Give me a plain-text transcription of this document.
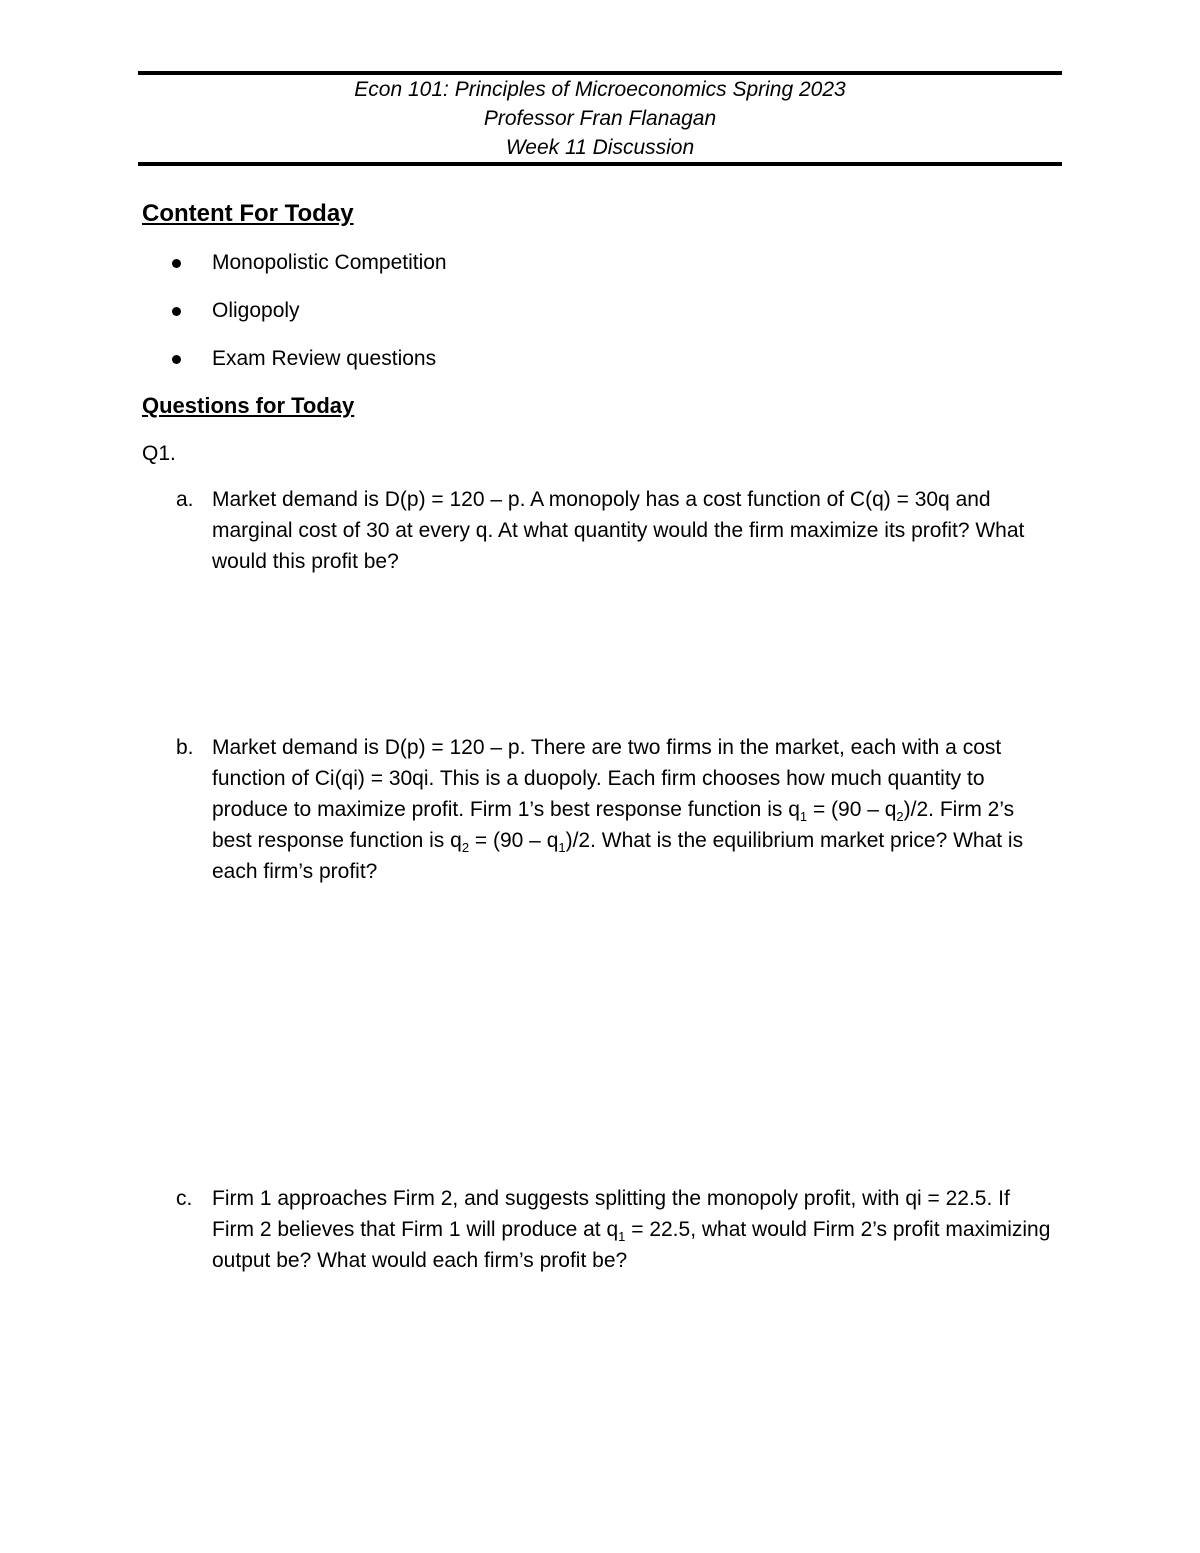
Econ 101: Principles of Microeconomics Spring 2023
Professor Fran Flanagan
Week 11 Discussion
Content For Today
Monopolistic Competition
Oligopoly
Exam Review questions
Questions for Today
Q1.
a. Market demand is D(p) = 120 – p. A monopoly has a cost function of C(q) = 30q and marginal cost of 30 at every q. At what quantity would the firm maximize its profit? What would this profit be?
b. Market demand is D(p) = 120 – p. There are two firms in the market, each with a cost function of Ci(qi) = 30qi. This is a duopoly. Each firm chooses how much quantity to produce to maximize profit. Firm 1’s best response function is $q_1 = (90 - q_2)/2$. Firm 2’s best response function is $q_2 = (90 - q_1)/2$. What is the equilibrium market price? What is each firm’s profit?
c. Firm 1 approaches Firm 2, and suggests splitting the monopoly profit, with qi = 22.5. If Firm 2 believes that Firm 1 will produce at $q_1 = 22.5$, what would Firm 2’s profit maximizing output be? What would each firm’s profit be?
